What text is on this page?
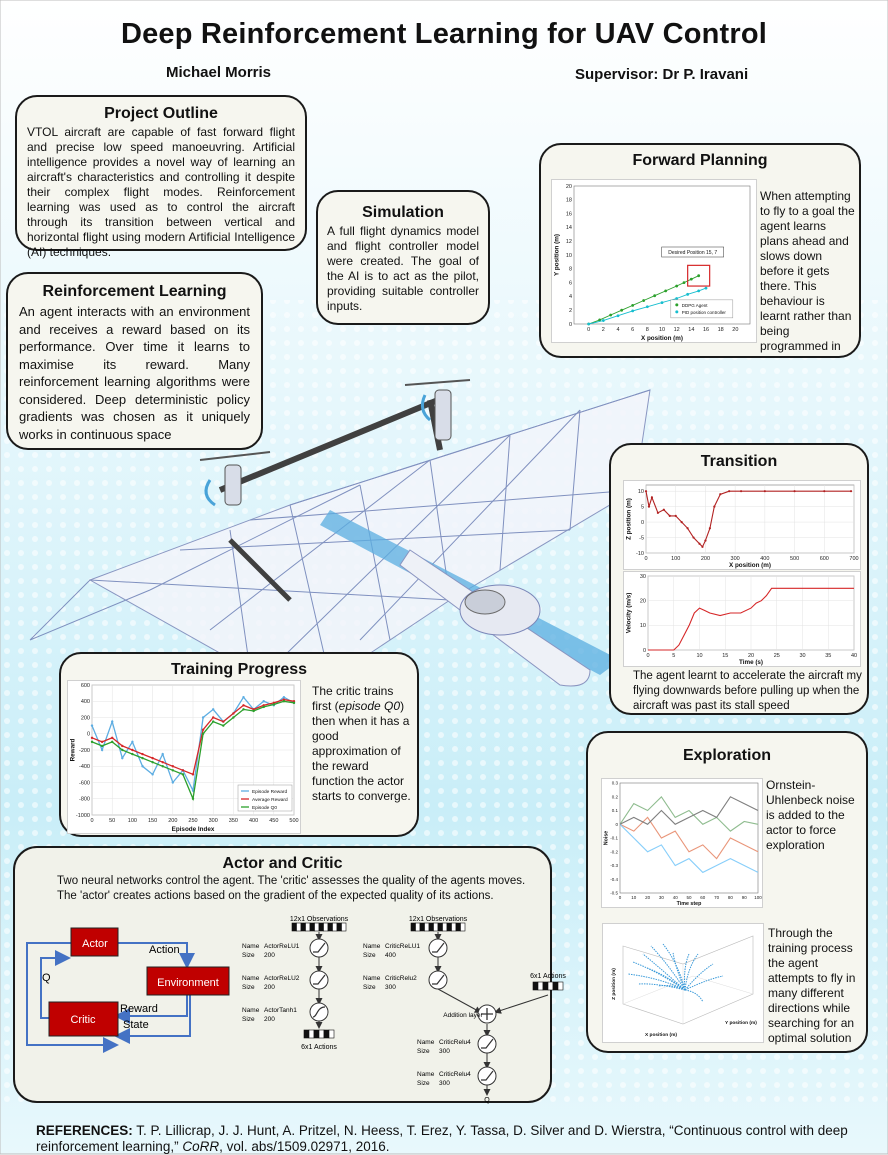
Deep Reinforcement Learning for UAV Control
Michael Morris	Supervisor: Dr P. Iravani
Project Outline
VTOL aircraft are capable of fast forward flight and precise low speed manoeuvring. Artificial intelligence provides a novel way of learning an aircraft's characteristics and controlling it despite their complex flight modes. Reinforcement learning was used as to control the aircraft through its transition between vertical and horizontal flight using modern Artificial Intelligence (AI) techniques.
Reinforcement Learning
An agent interacts with an environment and receives a reward based on its performance. Over time it learns to maximise its reward. Many reinforcement learning algorithms were considered. Deep deterministic policy gradients was chosen as it uniquely works in continuous space
Simulation
A full flight dynamics model and flight controller model were created. The goal of the AI is to act as the pilot, providing suitable controller inputs.
Forward Planning
When attempting to fly to a goal the agent learns plans ahead and slows down before it gets there. This behaviour is learnt rather than being programmed in
0 2 4 6 8 10 12 14 16 18 20
0
2
4
6
8
10
12
14
16
18
20
X position (m)
Y position (m)	Desired Position 15, 7
DDPG Agent
PID position controller
Transition
0	100	200	300	400	500	600	700
-10
-5
0
5
10
X position (m)
Z position (m)
0	5	10	15	20	25	30	35	40
0
10
20
30
Time (s)
Velocity (m/s)
The agent learnt to accelerate the aircraft my flying downwards before pulling up when the aircraft was past its stall speed
Training Progress
0	50 100 150 200 250 300 350 400 450 500
-1000
-800
-600
-400
-200
0
200
400
600
Episode Index
Reward
Episode Reward
Average Reward
Episode Q0
The critic trains first (episode Q0) then when it has a good approximation of the reward function the actor starts to converge.
Exploration
0 10 20 30 40 50 60 70 80 90 100
-0.5
-0.4
-0.3
-0.2
-0.1
0
0.1
0.2
0.3
Time step
Noise
Ornstein-Uhlenbeck noise is added to the actor to force exploration
X position (m)
Y position (m)
Z position (m)
Through the training process the agent attempts to fly in many different directions while searching for an optimal solution
Actor and Critic
Two neural networks control the agent. The 'critic' assesses the quality of the agents moves.
The 'actor' creates actions based on the gradient of the expected quality of its actions.
Actor
Environment
Critic
Action
Reward
State
Q
12x1 Observations
Name ActorReLU1
Size 200
Name ActorReLU2
Size 200
Name ActorTanh1
Size 200
6x1 Actions
12x1 Observations
Name CriticReLU1
Size 400
Name CriticRelu2
Size 300
6x1 Actions
Addition layer
Name CriticRelu4
Size 300
Name CriticRelu4
Size 300
Q
REFERENCES: T. P. Lillicrap, J. J. Hunt, A. Pritzel, N. Heess, T. Erez, Y. Tassa, D. Silver and D. Wierstra, “Continuous control with deep reinforcement learning,” CoRR, vol. abs/1509.02971, 2016.
